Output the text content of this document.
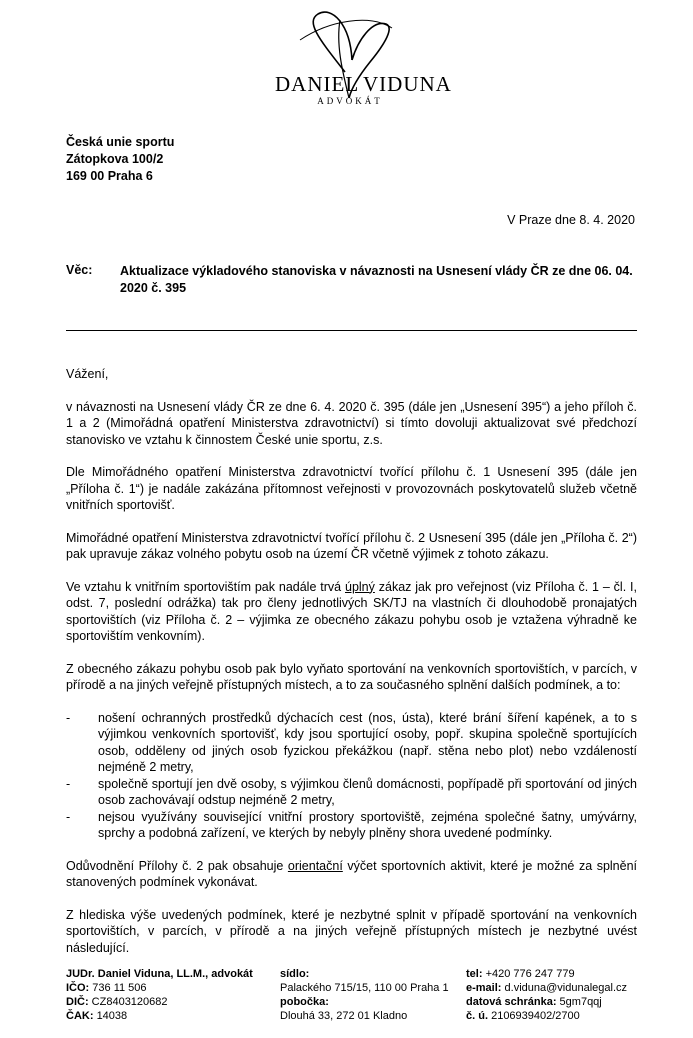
DANIEL VIDUNA
ADVOKÁT
Česká unie sportu
Zátopkova 100/2
169 00 Praha 6
V Praze dne 8. 4. 2020
Věc: Aktualizace výkladového stanoviska v návaznosti na Usnesení vlády ČR ze dne 06. 04. 2020 č. 395

Vážení,

v návaznosti na Usnesení vlády ČR ze dne 6. 4. 2020 č. 395 (dále jen „Usnesení 395“) a jeho příloh č. 1 a 2 (Mimořádná opatření Ministerstva zdravotnictví) si tímto dovoluji aktualizovat své předchozí stanovisko ve vztahu k činnostem České unie sportu, z.s.

Dle Mimořádného opatření Ministerstva zdravotnictví tvořící přílohu č. 1 Usnesení 395 (dále jen „Příloha č. 1“) je nadále zakázána přítomnost veřejnosti v provozovnách poskytovatelů služeb včetně vnitřních sportovišť.

Mimořádné opatření Ministerstva zdravotnictví tvořící přílohu č. 2 Usnesení 395 (dále jen „Příloha č. 2“) pak upravuje zákaz volného pobytu osob na území ČR včetně výjimek z tohoto zákazu.

Ve vztahu k vnitřním sportovištím pak nadále trvá úplný zákaz jak pro veřejnost (viz Příloha č. 1 – čl. I, odst. 7, poslední odrážka) tak pro členy jednotlivých SK/TJ na vlastních či dlouhodobě pronajatých sportovištích (viz Příloha č. 2 – výjimka ze obecného zákazu pohybu osob je vztažena výhradně ke sportovištím venkovním).

Z obecného zákazu pohybu osob pak bylo vyňato sportování na venkovních sportovištích, v parcích, v přírodě a na jiných veřejně přístupných místech, a to za současného splnění dalších podmínek, a to:

- nošení ochranných prostředků dýchacích cest (nos, ústa), které brání šíření kapének, a to s výjimkou venkovních sportovišť, kdy jsou sportující osoby, popř. skupina společně sportujících osob, odděleny od jiných osob fyzickou překážkou (např. stěna nebo plot) nebo vzdáleností nejméně 2 metry,
- společně sportují jen dvě osoby, s výjimkou členů domácnosti, popřípadě při sportování od jiných osob zachovávají odstup nejméně 2 metry,
- nejsou využívány související vnitřní prostory sportoviště, zejména společné šatny, umývárny, sprchy a podobná zařízení, ve kterých by nebyly plněny shora uvedené podmínky.

Odůvodnění Přílohy č. 2 pak obsahuje orientační výčet sportovních aktivit, které je možné za splnění stanovených podmínek vykonávat.

Z hlediska výše uvedených podmínek, které je nezbytné splnit v případě sportování na venkovních sportovištích, v parcích, v přírodě a na jiných veřejně přístupných místech je nezbytné uvést následující.

JUDr. Daniel Viduna, LL.M., advokát
IČO: 736 11 506
DIČ: CZ8403120682
ČAK: 14038
sídlo:
Palackého 715/15, 110 00 Praha 1
pobočka:
Dlouhá 33, 272 01 Kladno
tel: +420 776 247 779
e-mail: d.viduna@vidunalegal.cz
datová schránka: 5gm7qqj
č. ú. 2106939402/2700
